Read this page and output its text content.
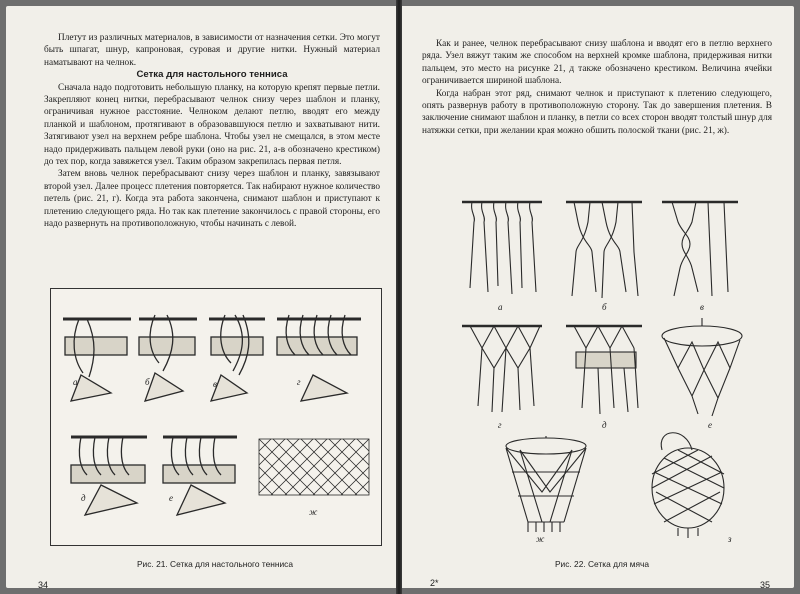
Плетут из различных материалов, в зависимости от назначения сетки. Это могут быть шпагат, шнур, капроновая, суровая и другие нитки. Нужный материал наматывают на челнок.

Сетка для настольного тенниса

Сначала надо подготовить небольшую планку, на которую крепят первые петли. Закрепляют конец нитки, перебрасывают челнок снизу через шаблон и планку, ограничивая нужное расстояние. Челноком делают петлю, вводят его между планкой и шаблоном, протягивают в образовавшуюся петлю и захватывают нити. Затягивают узел на верхнем ребре шаблона. Чтобы узел не смещался, в этом месте надо придерживать пальцем левой руки (оно на рис. 21, а-в обозначено крестиком) до тех пор, когда завяжется узел. Таким образом закрепилась первая петля.

Затем вновь челнок перебрасывают снизу через шаблон и планку, завязывают второй узел. Далее процесс плетения повторяется. Так набирают нужное количество петель (рис. 21, г). Когда эта работа закончена, снимают шаблон и приступают к плетению следующего ряда. Но так как плетение закончилось с правой стороны, его надо развернуть на противоположную, чтобы начинать с левой.

а	б	в	г
д	е
ж
Рис. 21. Сетка для настольного тенниса
34

Как и ранее, челнок перебрасывают снизу шаблона и вводят его в петлю верхнего ряда. Узел вяжут таким же способом на верхней кромке шаблона, придерживая нитки пальцем, это место на рисунке 21, д также обозначено крестиком. Величина ячейки ограничивается шириной шаблона.

Когда набран этот ряд, снимают челнок и приступают к плетению следующего, опять развернув работу в противоположную сторону. Так до завершения плетения. В заключение снимают шаблон и планку, в петли со всех сторон вводят толстый шнур для натяжки сетки, при желании края можно обшить полоской ткани (рис. 21, ж).

а	б	в
г	д	е
ж	з
Рис. 22. Сетка для мяча
2*	35
